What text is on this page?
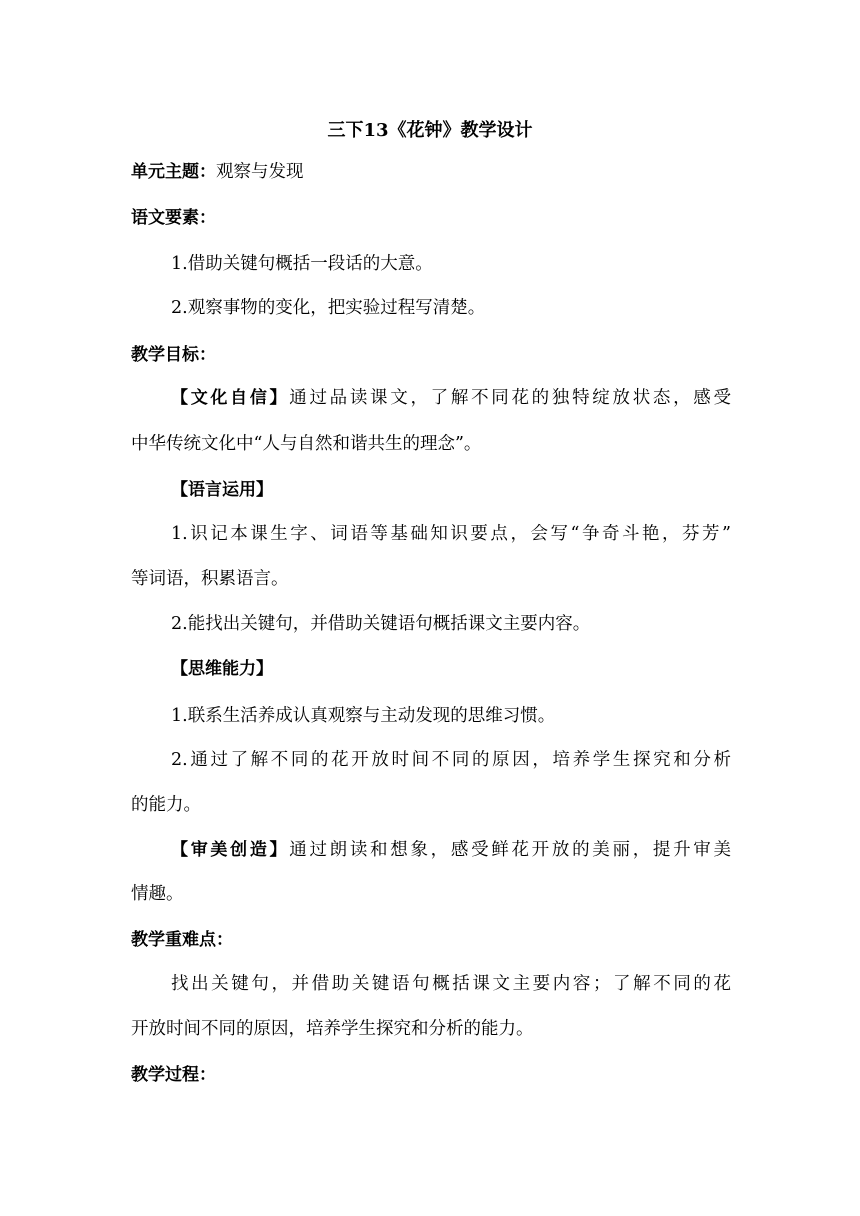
三下13《花钟》教学设计
单元主题：观察与发现
语文要素：
1.借助关键句概括一段话的大意。
2.观察事物的变化，把实验过程写清楚。
教学目标：
【文化自信】通过品读课文，了解不同花的独特绽放状态，感受
中华传统文化中“人与自然和谐共生的理念”。
【语言运用】
1.识记本课生字、词语等基础知识要点，会写“争奇斗艳，芬芳”
等词语，积累语言。
2.能找出关键句，并借助关键语句概括课文主要内容。
【思维能力】
1.联系生活养成认真观察与主动发现的思维习惯。
2.通过了解不同的花开放时间不同的原因，培养学生探究和分析
的能力。
【审美创造】通过朗读和想象，感受鲜花开放的美丽，提升审美
情趣。
教学重难点：
找出关键句，并借助关键语句概括课文主要内容；了解不同的花
开放时间不同的原因，培养学生探究和分析的能力。
教学过程：
